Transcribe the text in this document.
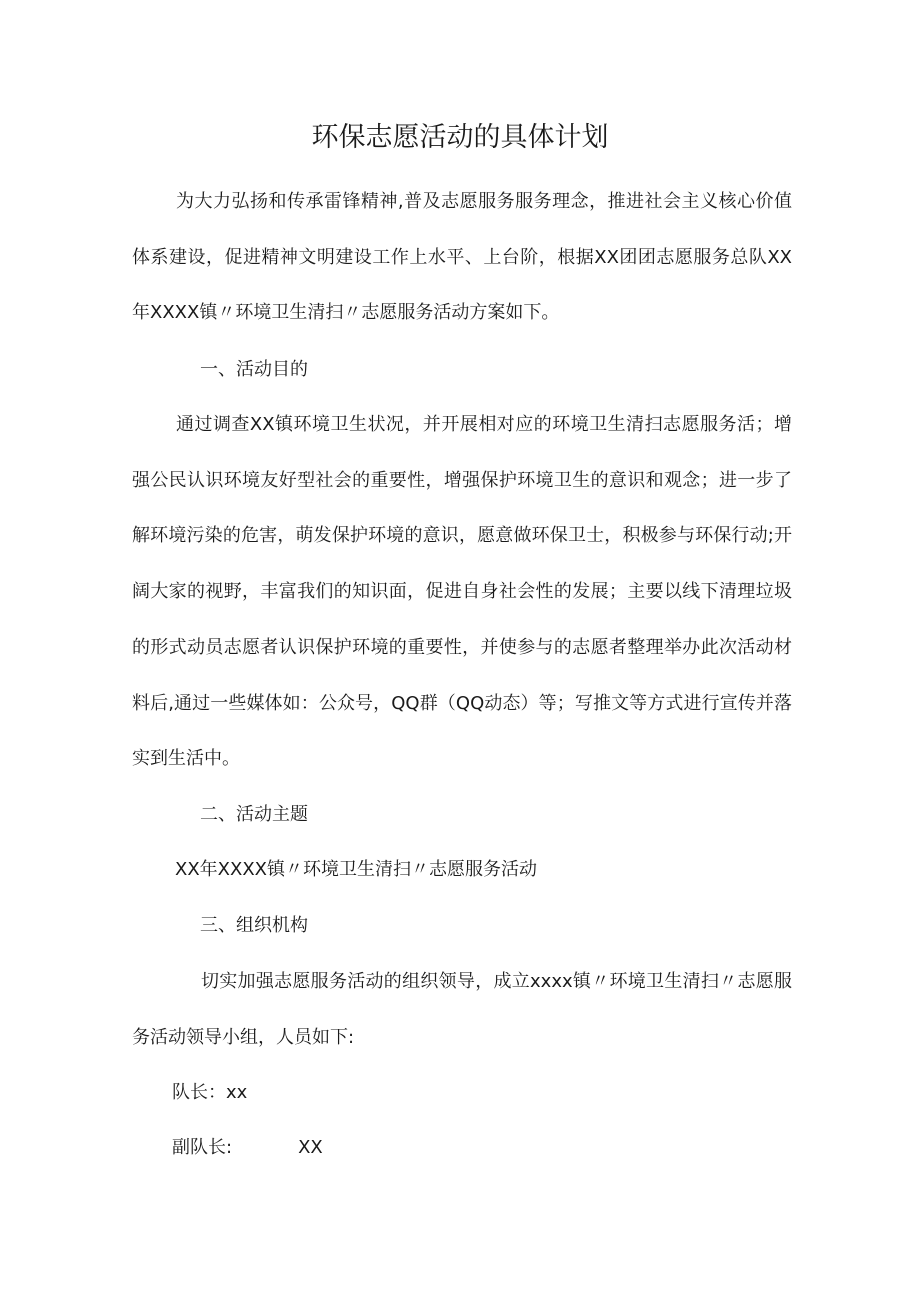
环保志愿活动的具体计划

为大力弘扬和传承雷锋精神,普及志愿服务服务理念，推进社会主义核心价值体系建设，促进精神文明建设工作上水平、上台阶，根据XX团团志愿服务总队XX年XXXX镇〃环境卫生清扫〃志愿服务活动方案如下。

一、活动目的

通过调查XX镇环境卫生状况，并开展相对应的环境卫生清扫志愿服务活；增强公民认识环境友好型社会的重要性，增强保护环境卫生的意识和观念；进一步了解环境污染的危害，萌发保护环境的意识，愿意做环保卫士，积极参与环保行动;开阔大家的视野，丰富我们的知识面，促进自身社会性的发展；主要以线下清理垃圾的形式动员志愿者认识保护环境的重要性，并使参与的志愿者整理举办此次活动材料后,通过一些媒体如：公众号，QQ群（QQ动态）等；写推文等方式进行宣传并落实到生活中。

二、活动主题

XX年XXXX镇〃环境卫生清扫〃志愿服务活动

三、组织机构

切实加强志愿服务活动的组织领导，成立xxxx镇〃环境卫生清扫〃志愿服务活动领导小组，人员如下:

队长：xx

副队长:	XX
